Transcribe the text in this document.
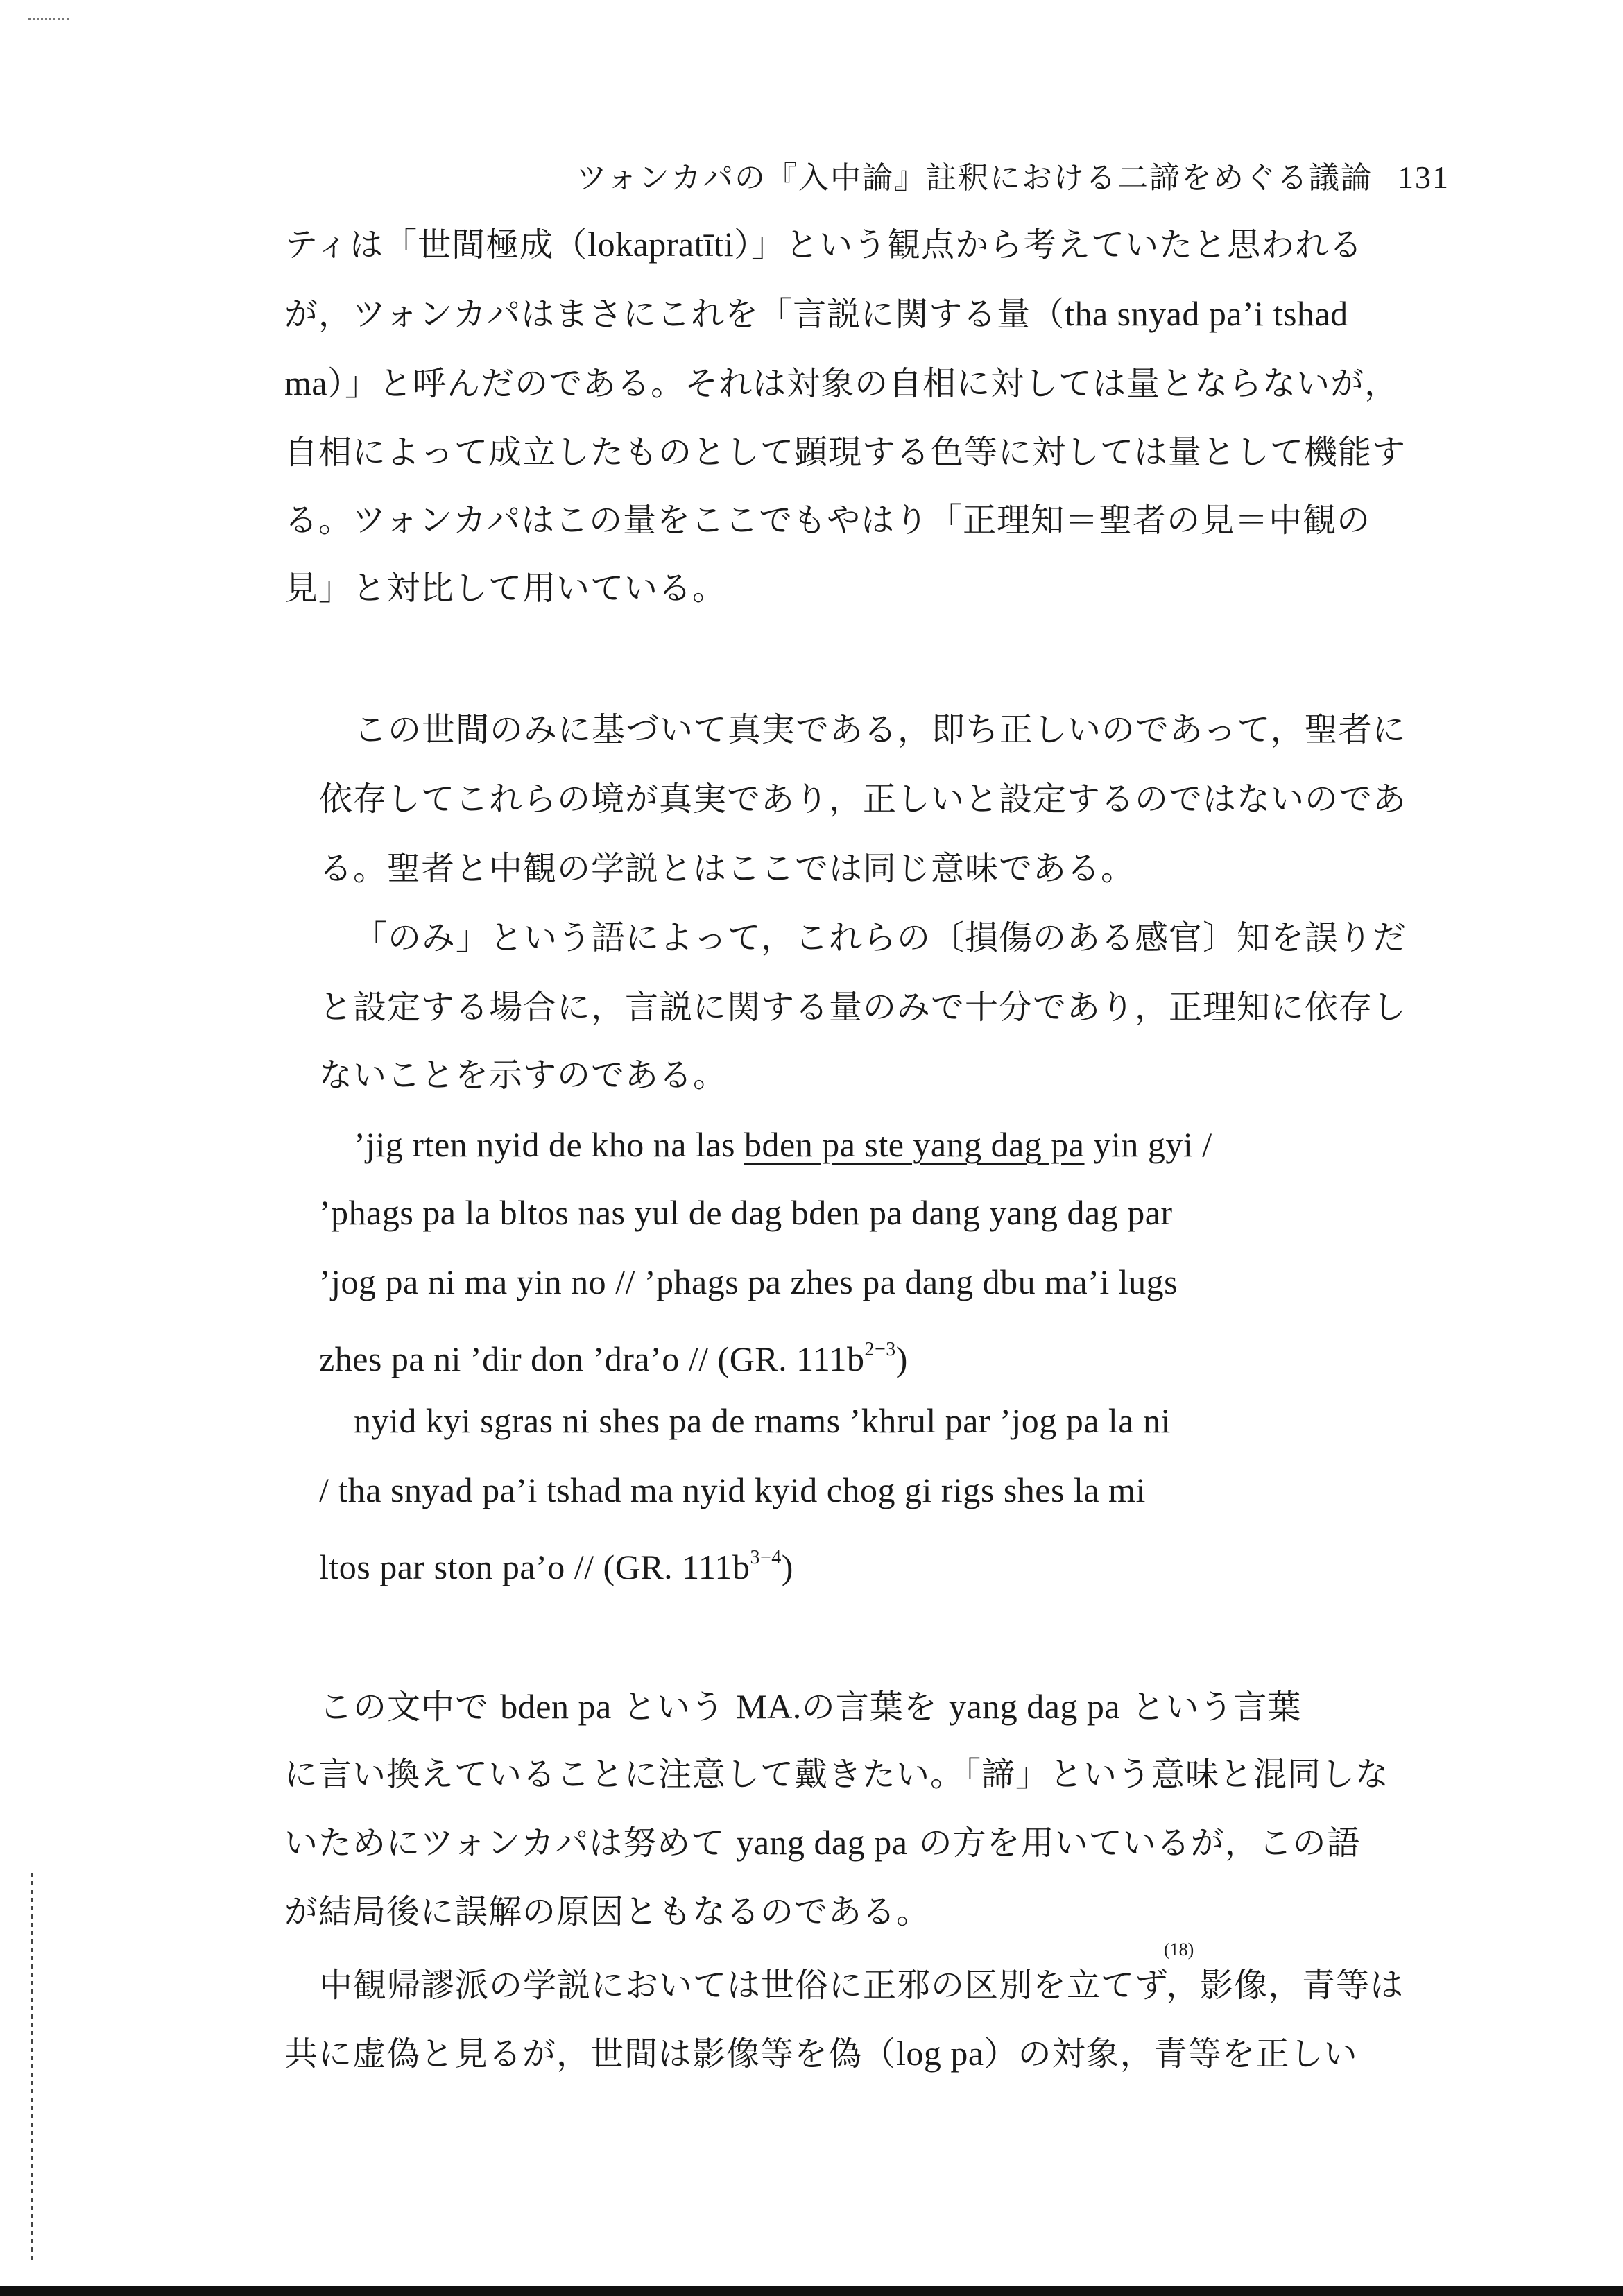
ツォンカパの『入中論』註釈における二諦をめぐる議論 131
ティは「世間極成（lokapratīti）」という観点から考えていたと思われる
が，ツォンカパはまさにこれを「言説に関する量（tha snyad pa’i tshad
ma）」と呼んだのである。それは対象の自相に対しては量とならないが，
自相によって成立したものとして顕現する色等に対しては量として機能す
る。ツォンカパはこの量をここでもやはり「正理知＝聖者の見＝中観の
見」と対比して用いている。
この世間のみに基づいて真実である，即ち正しいのであって，聖者に
依存してこれらの境が真実であり，正しいと設定するのではないのであ
る。聖者と中観の学説とはここでは同じ意味である。
「のみ」という語によって，これらの〔損傷のある感官〕知を誤りだ
と設定する場合に，言説に関する量のみで十分であり，正理知に依存し
ないことを示すのである。
’jig rten nyid de kho na las bden pa ste yang dag pa yin gyi /
’phags pa la bltos nas yul de dag bden pa dang yang dag par
’jog pa ni ma yin no // ’phags pa zhes pa dang dbu ma’i lugs
zhes pa ni ’dir don ’dra’o // (GR. $111b^{2-3}$)
nyid kyi sgras ni shes pa de rnams ’khrul par ’jog pa la ni
/ tha snyad pa’i tshad ma nyid kyid chog gi rigs shes la mi
ltos par ston pa’o // (GR. $111b^{3-4}$)
この文中で bden pa という MA.の言葉を yang dag pa という言葉
に言い換えていることに注意して戴きたい。「諦」という意味と混同しな
いためにツォンカパは努めて yang dag pa の方を用いているが，この語
が結局後に誤解の原因ともなるのである。
(18)
中観帰謬派の学説においては世俗に正邪の区別を立てず，影像，青等は
共に虚偽と見るが，世間は影像等を偽（log pa）の対象，青等を正しい
